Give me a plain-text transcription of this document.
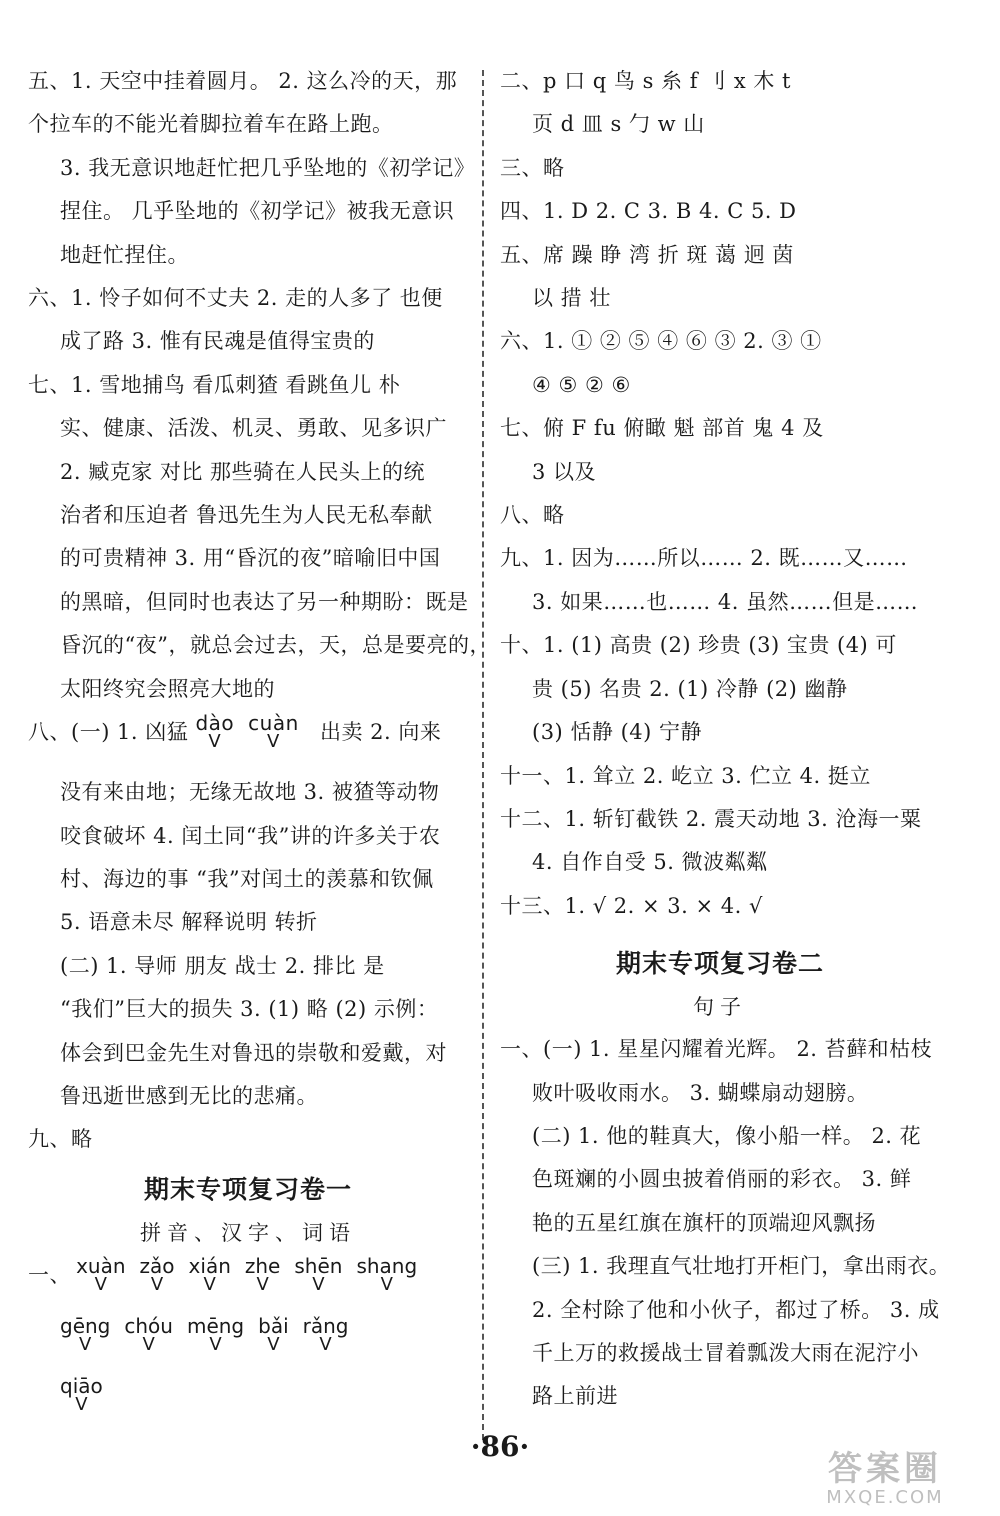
五、1. 天空中挂着圆月。 2. 这么冷的天，那
个拉车的不能光着脚拉着车在路上跑。
3. 我无意识地赶忙把几乎坠地的《初学记》
捏住。 几乎坠地的《初学记》被我无意识
地赶忙捏住。
六、1. 怜子如何不丈夫 2. 走的人多了 也便
成了路 3. 惟有民魂是值得宝贵的
七、1. 雪地捕鸟 看瓜刺猹 看跳鱼儿 朴
实、健康、活泼、机灵、勇敢、见多识广
2. 臧克家 对比 那些骑在人民头上的统
治者和压迫者 鲁迅先生为人民无私奉献
的可贵精神 3. 用“昏沉的夜”暗喻旧中国
的黑暗，但同时也表达了另一种期盼：既是
昏沉的“夜”，就总会过去，天，总是要亮的，
太阳终究会照亮大地的
八、(一) 1. 凶猛 dào
V
cuàn
V	出卖 2. 向来
没有来由地；无缘无故地 3. 被猹等动物
咬食破坏 4. 闰土同“我”讲的许多关于农
村、海边的事 “我”对闰土的羡慕和钦佩
5. 语意未尽 解释说明 转折
(二) 1. 导师 朋友 战士 2. 排比 是
“我们”巨大的损失 3. (1) 略 (2) 示例：
体会到巴金先生对鲁迅的崇敬和爱戴，对
鲁迅逝世感到无比的悲痛。
九、略
期末专项复习卷一
拼音、汉字、词语
一、 xuàn
V
zǎo
V
xián
V
zhe
V
shēn
V
shang
V
gēng
V
chóu
V
mēng
V
bǎi
V
rǎng
V
qiāo
V
二、p 口 q 鸟 s 糸 f 刂 x 木 t
页 d 皿 s 勹 w 山
三、略
四、1. D 2. C 3. B 4. C 5. D
五、席 躁 睁 湾 折 斑 蔼 迥 茵
以 措 壮
六、1. ① ② ⑤ ④ ⑥ ③ 2. ③ ①
④ ⑤ ② ⑥
七、俯 F fu 俯瞰 魁 部首 鬼 4 及
3 以及
八、略
九、1. 因为……所以…… 2. 既……又……
3. 如果……也…… 4. 虽然……但是……
十、1. (1) 高贵 (2) 珍贵 (3) 宝贵 (4) 可
贵 (5) 名贵 2. (1) 冷静 (2) 幽静
(3) 恬静 (4) 宁静
十一、1. 耸立 2. 屹立 3. 伫立 4. 挺立
十二、1. 斩钉截铁 2. 震天动地 3. 沧海一粟
4. 自作自受 5. 微波粼粼
十三、1. √ 2. × 3. × 4. √
期末专项复习卷二
句子
一、(一) 1. 星星闪耀着光辉。 2. 苔藓和枯枝
败叶吸收雨水。 3. 蝴蝶扇动翅膀。
(二) 1. 他的鞋真大，像小船一样。 2. 花
色斑斓的小圆虫披着俏丽的彩衣。 3. 鲜
艳的五星红旗在旗杆的顶端迎风飘扬
(三) 1. 我理直气壮地打开柜门，拿出雨衣。
2. 全村除了他和小伙子，都过了桥。 3. 成
千上万的救援战士冒着瓢泼大雨在泥泞小
路上前进
·86·
答案圈
MXQE.COM
